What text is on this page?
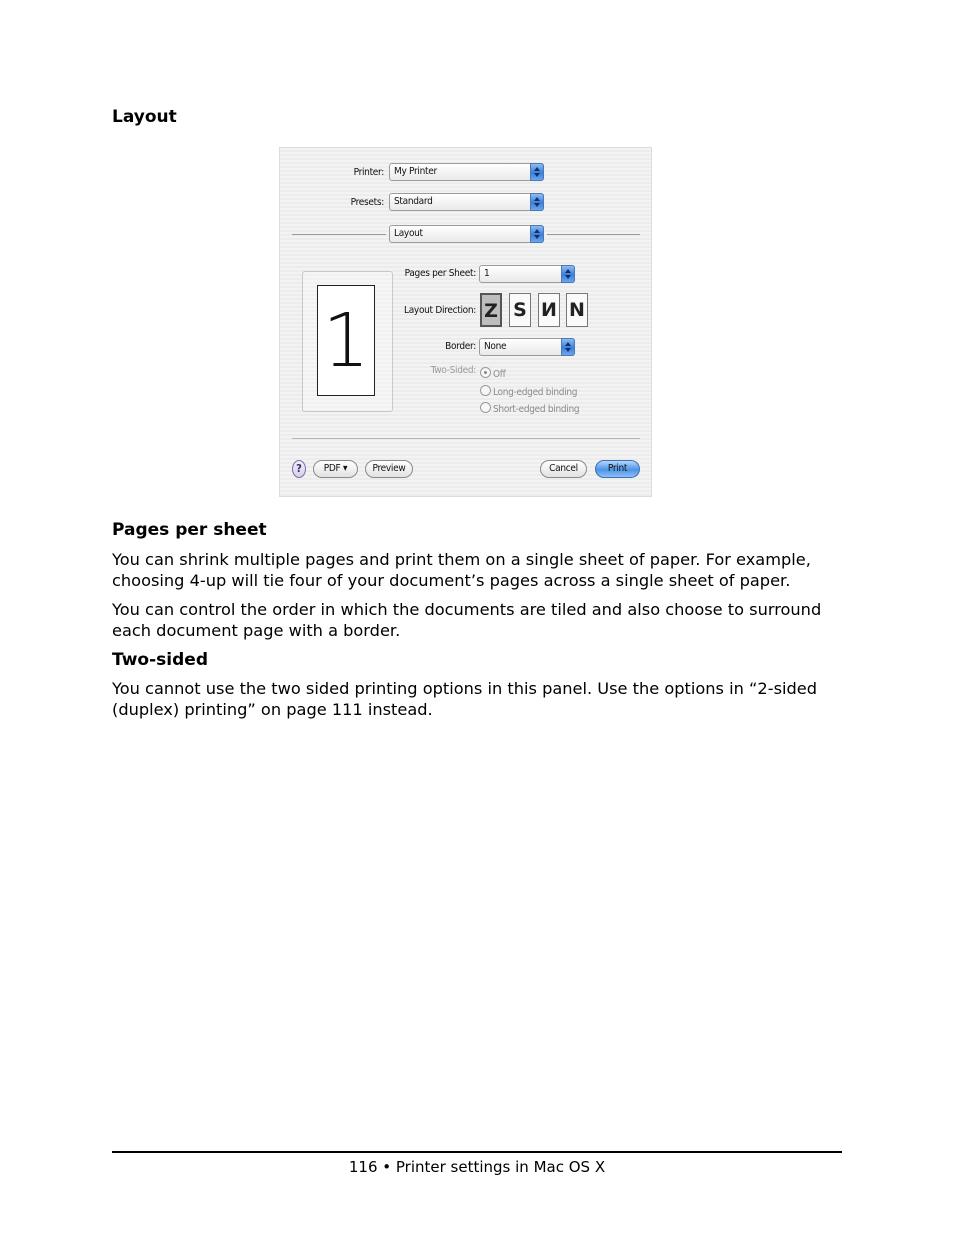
Layout
Printer:	My Printer
Presets:	Standard
Layout
1
Pages per Sheet: 1
Layout Direction: Z S И N
Border: None
Two-Sided:	Off
Long-edged binding
Short-edged binding
?	PDF ▾	Preview	Cancel	Print
Pages per sheet
You can shrink multiple pages and print them on a single sheet of paper. For example, choosing 4-up will tie four of your document’s pages across a single sheet of paper.
You can control the order in which the documents are tiled and also choose to surround each document page with a border.
Two-sided
You cannot use the two sided printing options in this panel. Use the options in “2-sided (duplex) printing” on page 111 instead.
116 • Printer settings in Mac OS X
